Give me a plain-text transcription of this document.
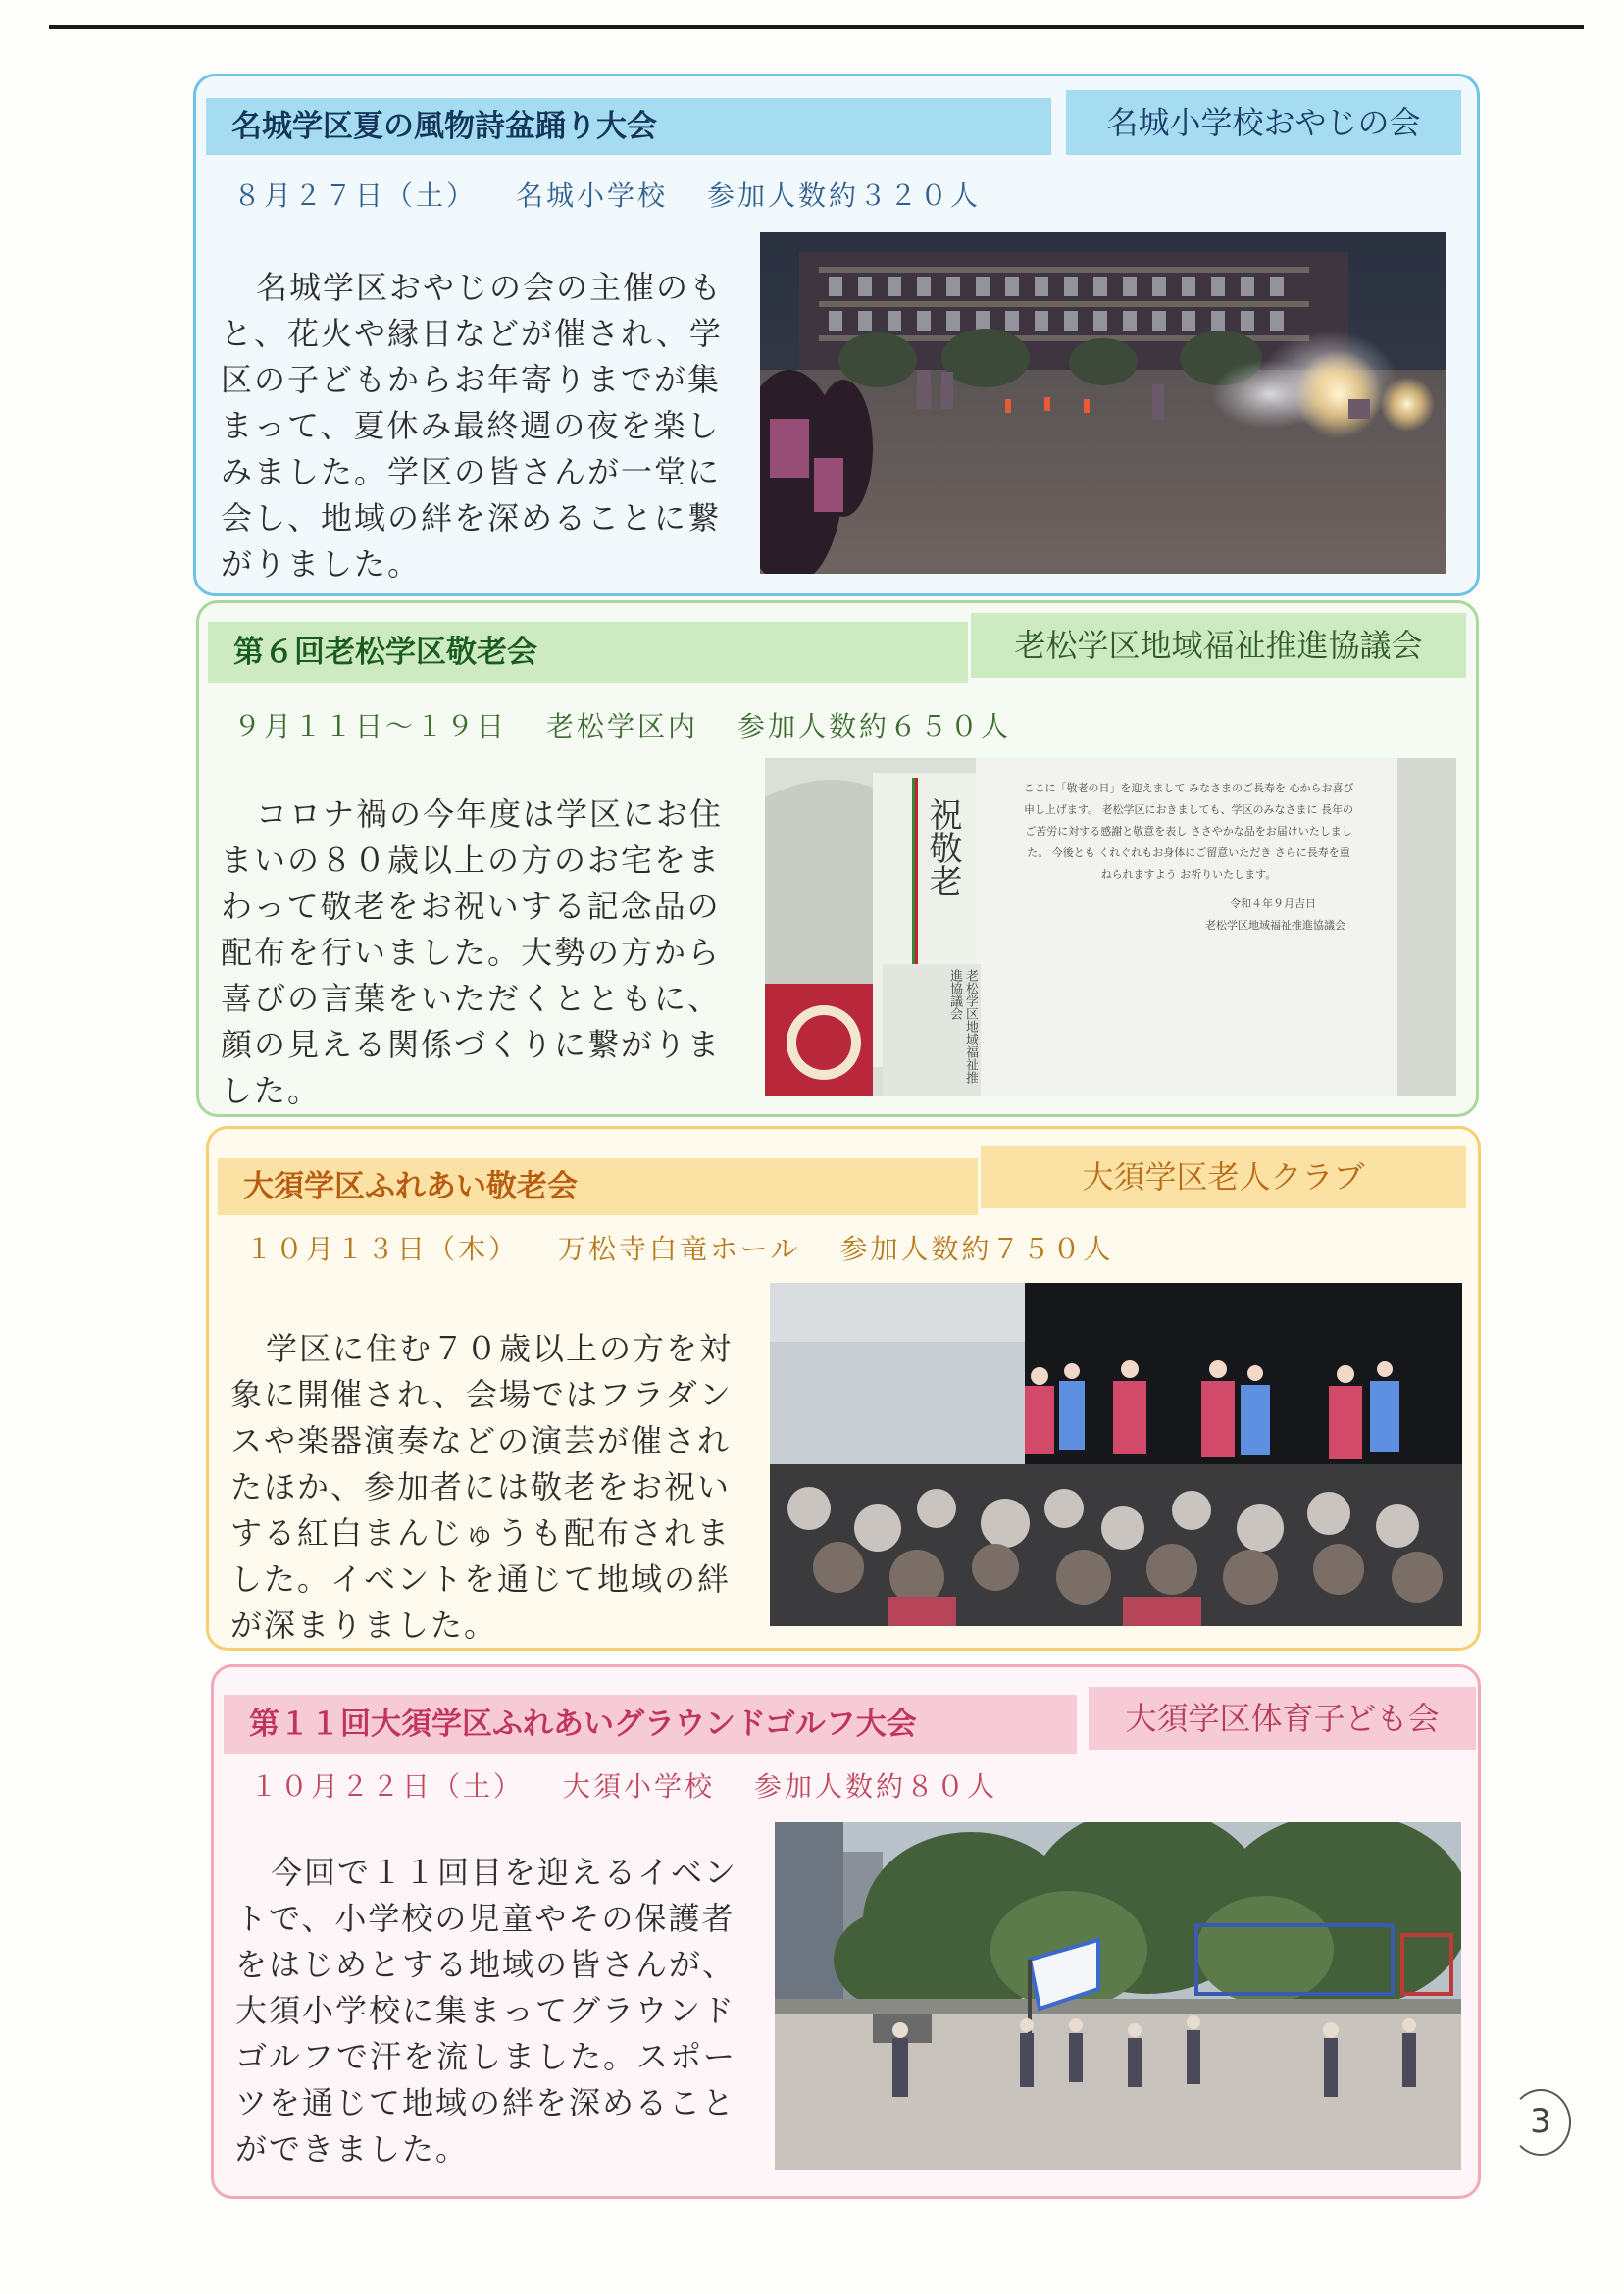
名城学区夏の風物詩盆踊り大会	名城小学校おやじの会
８月２７日（土） 名城小学校 参加人数約３２０人
名城学区おやじの会の主催のもと、花火や縁日などが催され、学区の子どもからお年寄りまでが集まって、夏休み最終週の夜を楽しみました。学区の皆さんが一堂に会し、地域の絆を深めることに繋がりました。
第６回老松学区敬老会	老松学区地域福祉推進協議会
９月１１日～１９日 老松学区内 参加人数約６５０人
コロナ禍の今年度は学区にお住まいの８０歳以上の方のお宅をまわって敬老をお祝いする記念品の配布を行いました。大勢の方から喜びの言葉をいただくとともに、顔の見える関係づくりに繋がりました。
祝敬老
ここに「敬老の日」を迎えまして みなさまのご長寿を 心からお喜び申し上げます。 老松学区におきましても、学区のみなさまに 長年のご苦労に対する感謝と敬意を表し ささやかな品をお届けいたしました。 今後とも くれぐれもお身体にご留意いただき さらに長寿を重ねられますよう お祈りいたします。
令和４年９月吉日
老松学区地域福祉推進協議会
老松学区地域福祉推進協議会
大須学区ふれあい敬老会	大須学区老人クラブ
１０月１３日（木） 万松寺白竜ホール 参加人数約７５０人
学区に住む７０歳以上の方を対象に開催され、会場ではフラダンスや楽器演奏などの演芸が催されたほか、参加者には敬老をお祝いする紅白まんじゅうも配布されました。イベントを通じて地域の絆が深まりました。
第１１回大須学区ふれあいグラウンドゴルフ大会	大須学区体育子ども会
１０月２２日（土） 大須小学校 参加人数約８０人
今回で１１回目を迎えるイベントで、小学校の児童やその保護者をはじめとする地域の皆さんが、大須小学校に集まってグラウンドゴルフで汗を流しました。スポーツを通じて地域の絆を深めることができました。
3
